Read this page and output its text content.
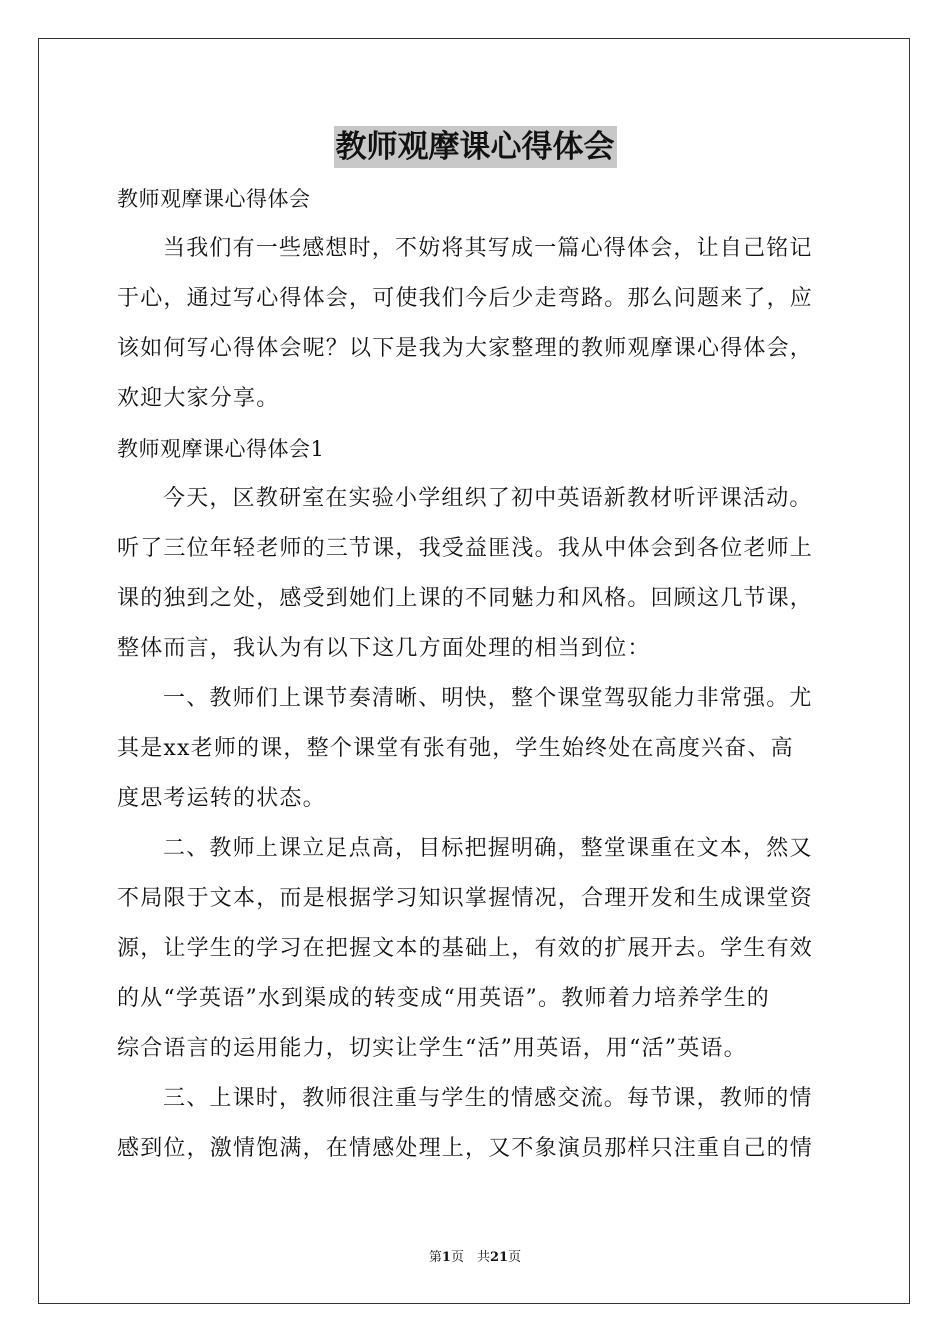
教师观摩课心得体会

教师观摩课心得体会

当我们有一些感想时，不妨将其写成一篇心得体会，让自己铭记

于心，通过写心得体会，可使我们今后少走弯路。那么问题来了，应

该如何写心得体会呢？以下是我为大家整理的教师观摩课心得体会，

欢迎大家分享。

教师观摩课心得体会1

今天，区教研室在实验小学组织了初中英语新教材听评课活动。

听了三位年轻老师的三节课，我受益匪浅。我从中体会到各位老师上

课的独到之处，感受到她们上课的不同魅力和风格。回顾这几节课，

整体而言，我认为有以下这几方面处理的相当到位：

一、教师们上课节奏清晰、明快，整个课堂驾驭能力非常强。尤

其是xx老师的课，整个课堂有张有弛，学生始终处在高度兴奋、高

度思考运转的状态。

二、教师上课立足点高，目标把握明确，整堂课重在文本，然又

不局限于文本，而是根据学习知识掌握情况，合理开发和生成课堂资

源，让学生的学习在把握文本的基础上，有效的扩展开去。学生有效

的从“学英语”水到渠成的转变成“用英语”。教师着力培养学生的

综合语言的运用能力，切实让学生“活”用英语，用“活”英语。

三、上课时，教师很注重与学生的情感交流。每节课，教师的情

感到位，激情饱满，在情感处理上，又不象演员那样只注重自己的情

第1页　共21页
